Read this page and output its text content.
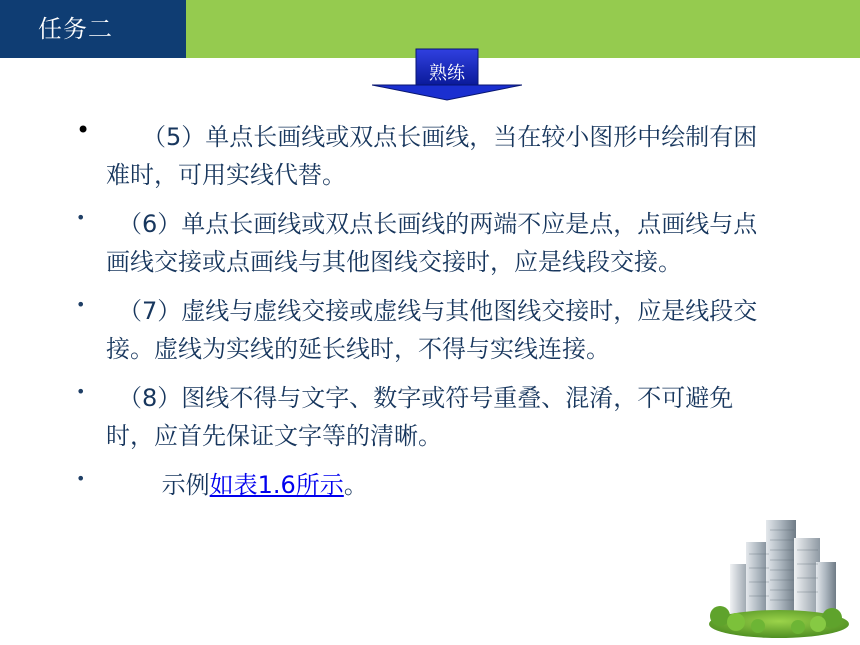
任务二
熟练
• 　　（5）单点长画线或双点长画线，当在较小图形中绘制有困难时，可用实线代替。
• 　（6）单点长画线或双点长画线的两端不应是点，点画线与点画线交接或点画线与其他图线交接时，应是线段交接。
• 　（7）虚线与虚线交接或虚线与其他图线交接时，应是线段交接。虚线为实线的延长线时，不得与实线连接。
• 　（8）图线不得与文字、数字或符号重叠、混淆，不可避免时，应首先保证文字等的清晰。
• 　　 示例如表1.6所示。
